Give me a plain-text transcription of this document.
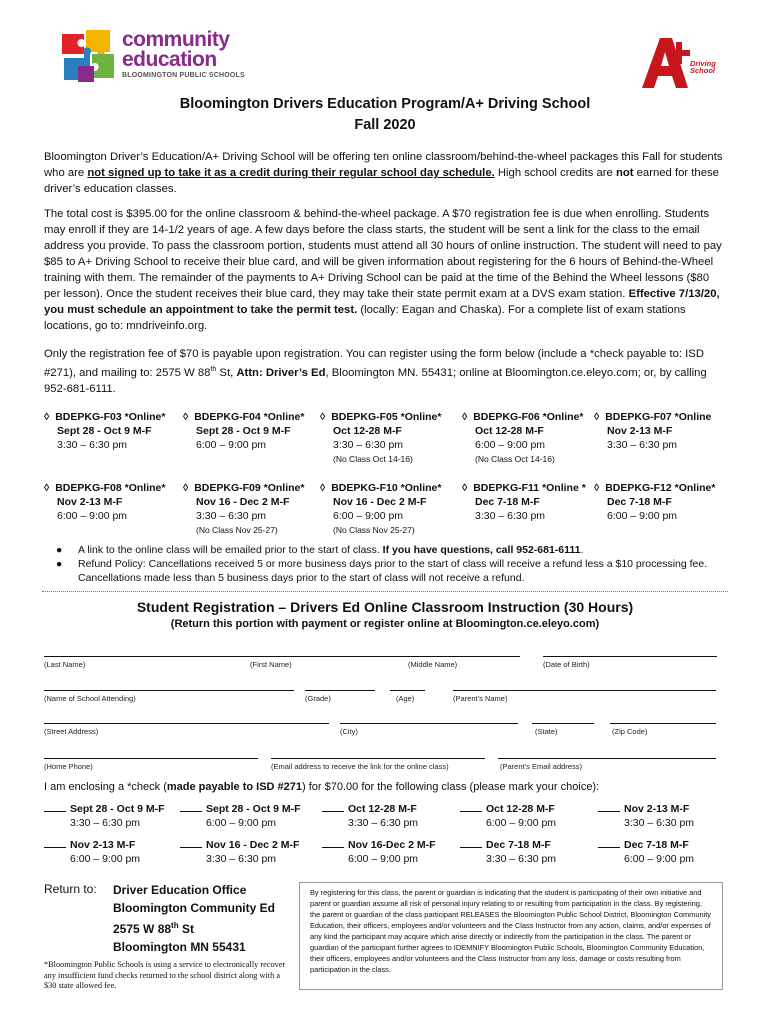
community
education
BLOOMINGTON PUBLIC SCHOOLS
Driving School
Bloomington Drivers Education Program/A+ Driving School
Fall 2020
Bloomington Driver’s Education/A+ Driving School will be offering ten online classroom/behind-the-wheel packages this Fall for students who are not signed up to take it as a credit during their regular school day schedule. High school credits are not earned for these driver’s education classes.
The total cost is $395.00 for the online classroom & behind-the-wheel package. A $70 registration fee is due when enrolling. Students may enroll if they are 14-1/2 years of age. A few days before the class starts, the student will be sent a link for the class to the email address you provide. To pass the classroom portion, students must attend all 30 hours of online instruction. The student will need to pay $85 to A+ Driving School to receive their blue card, and will be given information about registering for the 6 hours of Behind-the-Wheel training with them. The remainder of the payments to A+ Driving School can be paid at the time of the Behind the Wheel lessons ($80 per lesson). Once the student receives their blue card, they may take their state permit exam at a DVS exam station. Effective 7/13/20, you must schedule an appointment to take the permit test. (locally: Eagan and Chaska). For a complete list of exam stations locations, go to: mndriveinfo.org.
Only the registration fee of $70 is payable upon registration. You can register using the form below (include a *check payable to: ISD #271), and mailing to: 2575 W 88th St, Attn: Driver’s Ed, Bloomington MN. 55431; online at Bloomington.ce.eleyo.com; or, by calling 952-681-6111.
◊ BDEPKG-F03 *Online*
Sept 28 - Oct 9 M-F
3:30 – 6:30 pm
◊ BDEPKG-F04 *Online*
Sept 28 - Oct 9 M-F
6:00 – 9:00 pm
◊ BDEPKG-F05 *Online*
Oct 12-28 M-F
3:30 – 6:30 pm
(No Class Oct 14-16)
◊ BDEPKG-F06 *Online*
Oct 12-28 M-F
6:00 – 9:00 pm
(No Class Oct 14-16)
◊ BDEPKG-F07 *Online
Nov 2-13 M-F
3:30 – 6:30 pm
◊ BDEPKG-F08 *Online*
Nov 2-13 M-F
6:00 – 9:00 pm
◊ BDEPKG-F09 *Online*
Nov 16 - Dec 2 M-F
3:30 – 6:30 pm
(No Class Nov 25-27)
◊ BDEPKG-F10 *Online*
Nov 16 - Dec 2 M-F
6:00 – 9:00 pm
(No Class Nov 25-27)
◊ BDEPKG-F11 *Online *
Dec 7-18 M-F
3:30 – 6:30 pm
◊ BDEPKG-F12 *Online*
Dec 7-18 M-F
6:00 – 9:00 pm
● A link to the online class will be emailed prior to the start of class. If you have questions, call 952-681-6111.
● Refund Policy: Cancellations received 5 or more business days prior to the start of class will receive a refund less a $10 processing fee. Cancellations made less than 5 business days prior to the start of class will not receive a refund.
Student Registration – Drivers Ed Online Classroom Instruction (30 Hours)
(Return this portion with payment or register online at Bloomington.ce.eleyo.com)
(Last Name)	(First Name)	(Middle Name)	(Date of Birth)
(Name of School Attending)	(Grade)	(Age)	(Parent’s Name)
(Street Address)	(City)	(State)	(Zip Code)
(Home Phone)	(Email address to receive the link for the online class)	(Parent’s Email address)
I am enclosing a *check (made payable to ISD #271) for $70.00 for the following class (please mark your choice):
Sept 28 - Oct 9 M-F
3:30 – 6:30 pm
Sept 28 - Oct 9 M-F
6:00 – 9:00 pm
Oct 12-28 M-F
3:30 – 6:30 pm
Oct 12-28 M-F
6:00 – 9:00 pm
Nov 2-13 M-F
3:30 – 6:30 pm
Nov 2-13 M-F
6:00 – 9:00 pm
Nov 16 - Dec 2 M-F
3:30 – 6:30 pm
Nov 16-Dec 2 M-F
6:00 – 9:00 pm
Dec 7-18 M-F
3:30 – 6:30 pm
Dec 7-18 M-F
6:00 – 9:00 pm
Return to: Driver Education Office
Bloomington Community Ed
2575 W 88th St
Bloomington MN 55431
*Bloomington Public Schools is using a service to electronically recover any insufficient fund checks returned to the school district along with a $30 state allowed fee.
By registering for this class, the parent or guardian is indicating that the student is participating of their own initiative and parent or guardian assume all risk of personal injury relating to or resulting from participation in the class. By registering, the parent or guardian of the class participant RELEASES the Bloomington Public School District, Bloomington Community Education, their officers, employees and/or volunteers and the Class Instructor from any action, claims, and/or expenses of any kind the participant may acquire which arise directly or indirectly from the participation in the class. The parent or guardian of the participant further agrees to IDEMNIFY Bloomington Public Schools, Bloomington Community Education, their officers, employees and/or volunteers and the Class Instructor from any loss, damage or costs resulting from participation in the class.
